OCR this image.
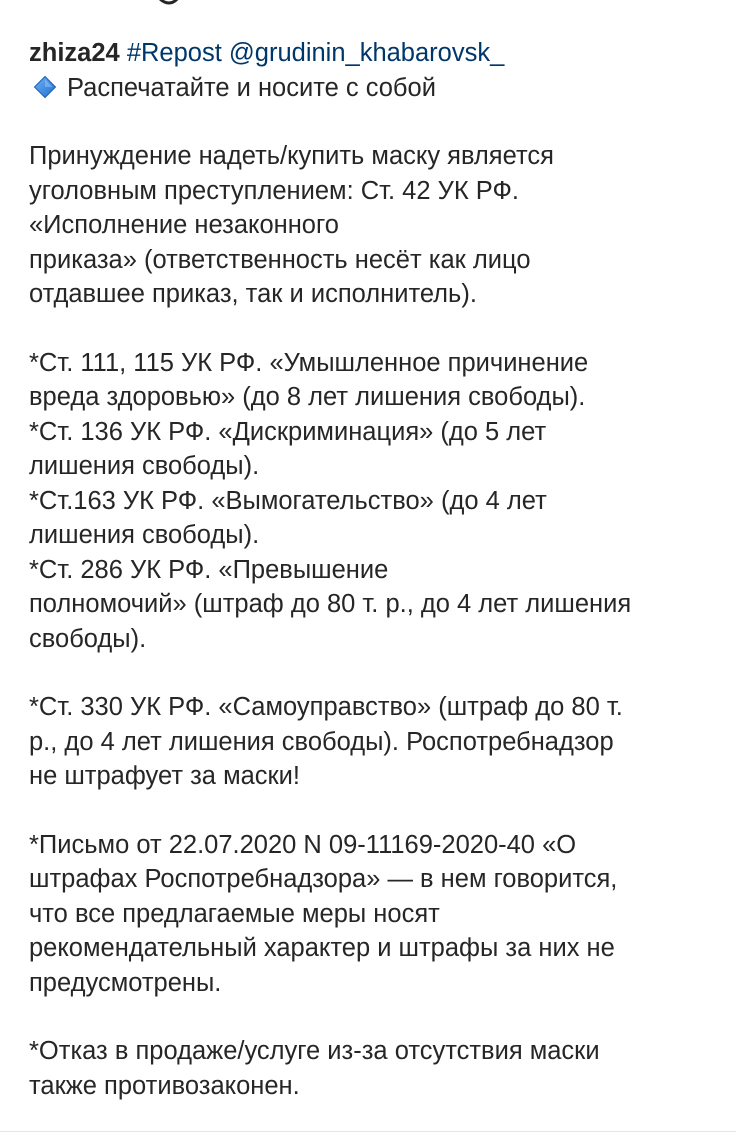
zhiza24 #Repost @grudinin_khabarovsk_
Распечатайте и носите с собой
Принуждение надеть/купить маску является
уголовным преступлением: Ст. 42 УК РФ.
«Исполнение незаконного
приказа» (ответственность несёт как лицо
отдавшее приказ, так и исполнитель).
*Ст. 111, 115 УК РФ. «Умышленное причинение
вреда здоровью» (до 8 лет лишения свободы).
*Ст. 136 УК РФ. «Дискриминация» (до 5 лет
лишения свободы).
*Ст.163 УК РФ. «Вымогательство» (до 4 лет
лишения свободы).
*Ст. 286 УК РФ. «Превышение
полномочий» (штраф до 80 т. р., до 4 лет лишения
свободы).
*Ст. 330 УК РФ. «Самоуправство» (штраф до 80 т.
р., до 4 лет лишения свободы). Роспотребнадзор
не штрафует за маски!
*Письмо от 22.07.2020 N 09-11169-2020-40 «О
штрафах Роспотребнадзора» — в нем говорится,
что все предлагаемые меры носят
рекомендательный характер и штрафы за них не
предусмотрены.
*Отказ в продаже/услуге из-за отсутствия маски
также противозаконен.
